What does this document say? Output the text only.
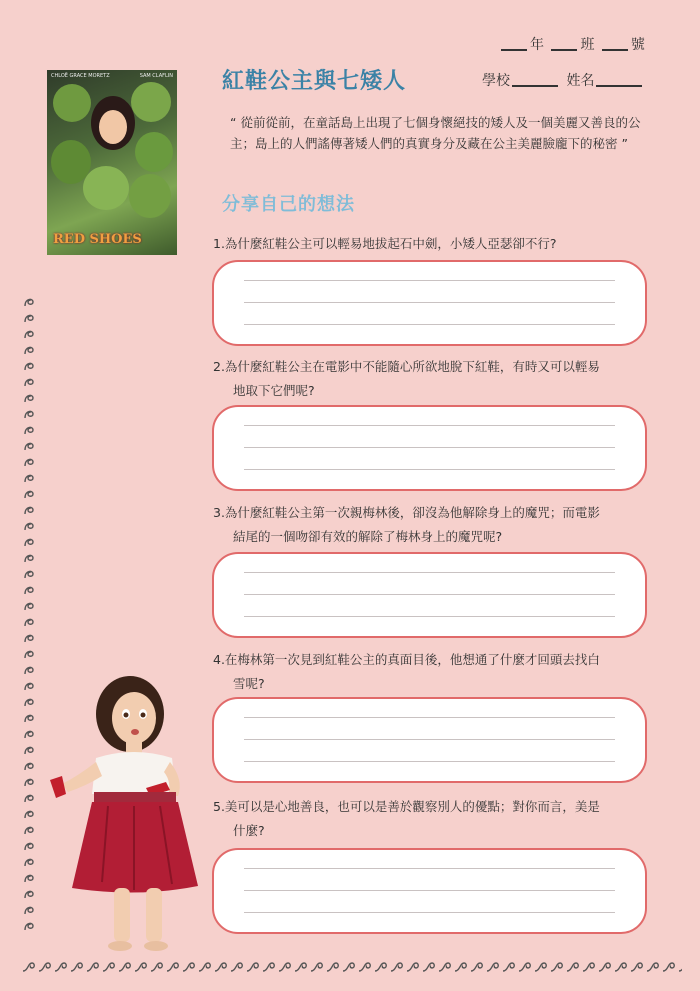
年	班	號
紅鞋公主與七矮人	學校	姓名
CHLOË GRACE MORETZ	SAM CLAFLIN
RED SHOES
“ 從前從前，在童話島上出現了七個身懷絕技的矮人及一個美麗又善良的公主；島上的人們謠傳著矮人們的真實身分及藏在公主美麗臉龐下的秘密 ”
分享自己的想法
1.為什麼紅鞋公主可以輕易地拔起石中劍，小矮人亞瑟卻不行?
2.為什麼紅鞋公主在電影中不能隨心所欲地脫下紅鞋，有時又可以輕易
地取下它們呢?
3.為什麼紅鞋公主第一次親梅林後，卻沒為他解除身上的魔咒；而電影
結尾的一個吻卻有效的解除了梅林身上的魔咒呢?
4.在梅林第一次見到紅鞋公主的真面目後，他想通了什麼才回頭去找白
雪呢?
5.美可以是心地善良，也可以是善於觀察別人的優點；對你而言，美是
什麼?
